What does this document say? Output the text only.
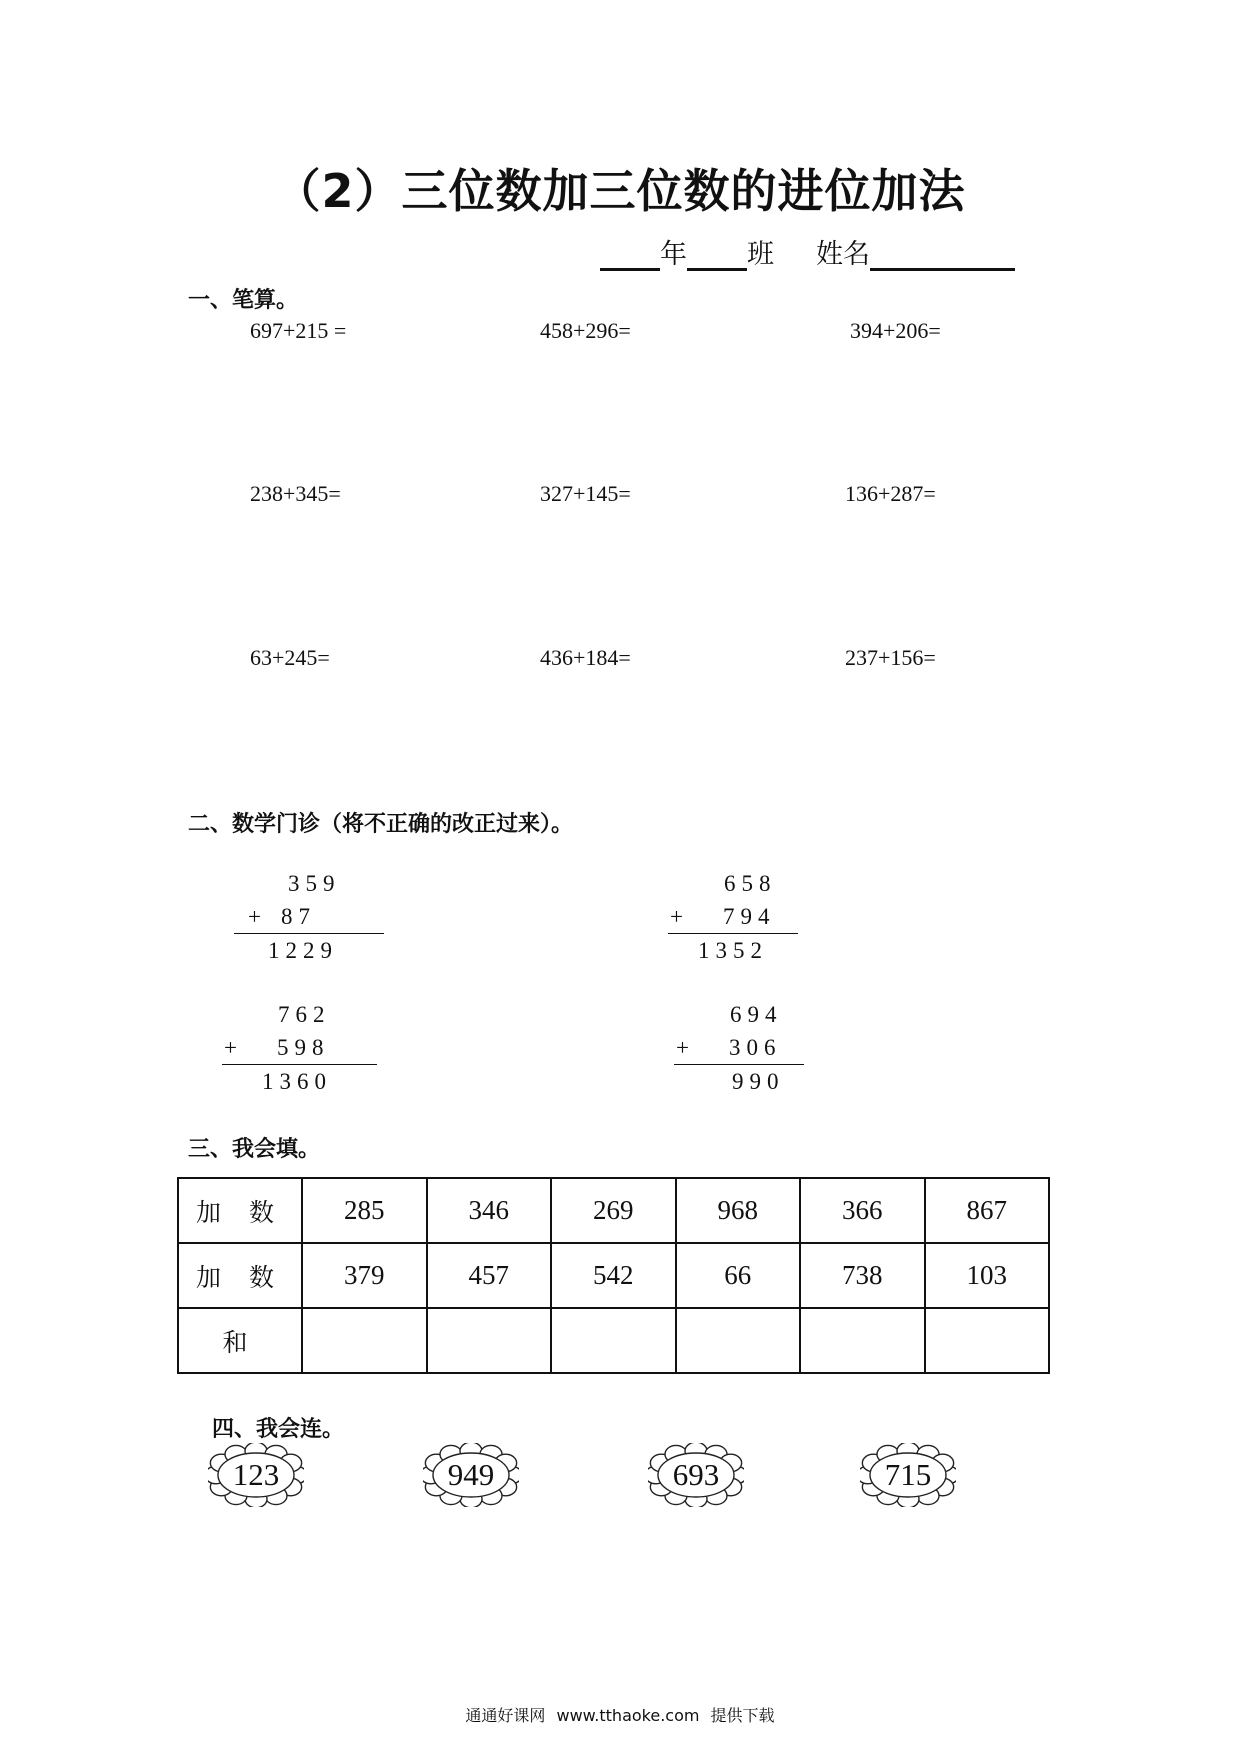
（2）三位数加三位数的进位加法
年 班 姓名
一、笔算。
697+215 =	458+296=	394+206=
238+345=	327+145=	136+287=
63+245=	436+184=	237+156=
二、数学门诊（将不正确的改正过来）。
359
+ 87
1229
658
+ 794
1352
762
+ 598
1360
694
+ 306
990
三、我会填。
加 数	285	346	269	968	366	867
加 数	379	457	542	66	738	103
和						
四、我会连。
123	949	693	715
通通好课网 www.tthaoke.com 提供下载
